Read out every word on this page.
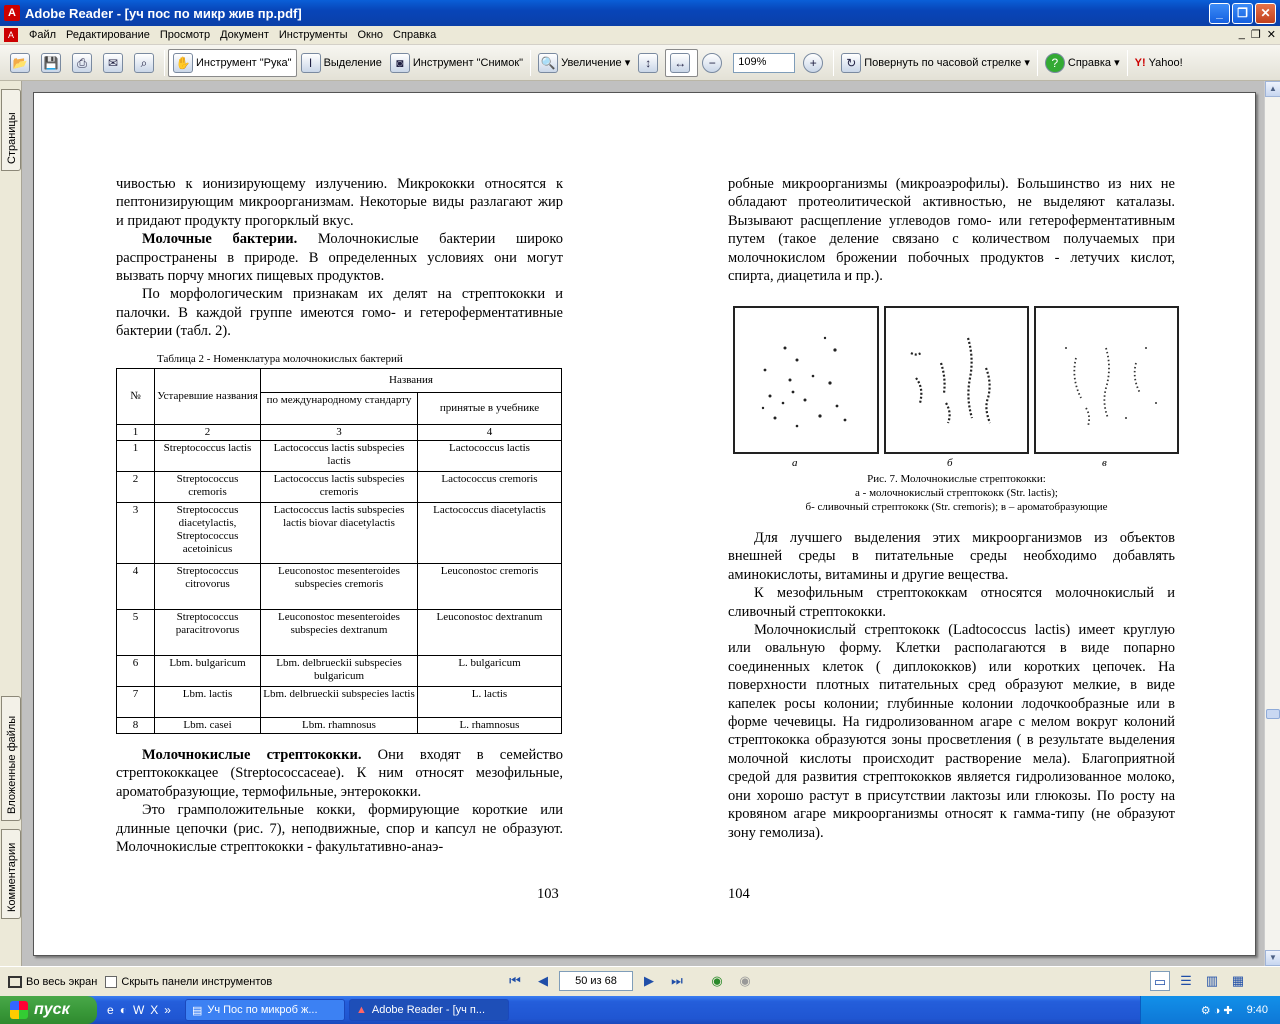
A Adobe Reader - [уч пос по микр жив пр.pdf]	_	❐	✕
A	Файл Редактирование Просмотр Документ Инструменты Окно Справка	_ ❐ ✕
📂 💾	⎙	✉	⌕	✋ Инструмент "Рука"	I	Выделение	◙ Инструмент "Снимок" 🔍 Увеличение
▾	↕	↔	−	109%	+	↻ Повернуть по часовой стрелке
▾	? Справка
▾ Y! Yahoo!
Страницы
Вложенные файлы
Комментарии

чивостью к ионизирующему излучению. Микрококки относятся к пептонизирующим микроорганизмам. Некоторые виды разлагают жир и придают продукту прогорклый вкус.

Молочные бактерии. Молочнокислые бактерии широко распространены в природе. В определенных условиях они могут вызвать порчу многих пищевых продуктов.

По морфологическим признакам их делят на стрептококки и палочки. В каждой группе имеются гомо- и гетероферментативные бактерии (табл. 2).

Таблица 2 - Номенклатура молочнокислых бактерий
№	Устаревшие названия	Названия	
		по международному стандарту	принятые в учебнике
1	2	3	4
1	Streptococcus lactis	Lactococcus lactis subspecies lactis	Lactococcus lactis
2	Streptococcus cremoris	Lactococcus lactis subspecies cremoris	Lactococcus cremoris
3	Streptococcus diacetylactis, Streptococcus acetoinicus	Lactococcus lactis subspecies lactis biovar diacetylactis	Lactococcus diacetylactis
4	Streptococcus citrovorus	Leuconostoc mesenteroides subspecies cremoris	Leuconostoc cremoris
5	Streptococcus paracitrovorus	Leuconostoc mesenteroides subspecies dextranum	Leuconostoc dextranum
6	Lbm. bulgaricum	Lbm. delbrueckii subspecies bulgaricum	L. bulgaricum
7	Lbm. lactis	Lbm. delbrueckii subspecies lactis	L. lactis
8	Lbm. casei	Lbm. rhamnosus	L. rhamnosus

Молочнокислые стрептококки. Они входят в семейство стрептококкацее (Streptococcaceae). К ним относят мезофильные, ароматобразующие, термофильные, энтерококки.

Это грамположительные кокки, формирующие короткие или длинные цепочки (рис. 7), неподвижные, спор и капсул не образуют. Молочнокислые стрептококки - факультативно-анаэ-

103

робные микроорганизмы (микроаэрофилы). Большинство из них не обладают протеолитической активностью, не выделяют каталазы. Вызывают расщепление углеводов гомо- или гетероферментативным путем (такое деление связано с количеством получаемых при молочнокислом брожении побочных продуктов - летучих кислот, спирта, диацетила и пр.).

а	б	в
Рис. 7. Молочнокислые стрептококки:
а - молочнокислый стрептококк (Str. lactis);
б- сливочный стрептококк (Str. cremoris); в – ароматобразующие

Для лучшего выделения этих микроорганизмов из объектов внешней среды в питательные среды необходимо добавлять аминокислоты, витамины и другие вещества.

К мезофильным стрептококкам относятся молочнокислый и сливочный стрептококки.

Молочнокислый стрептококк (Ladtococcus lactis) имеет круглую или овальную форму. Клетки располагаются в виде попарно соединенных клеток ( диплококков) или коротких цепочек. На поверхности плотных питательных сред образуют мелкие, в виде капелек росы колонии; глубинные колонии лодочкообразные или в форме чечевицы. На гидролизованном агаре с мелом вокруг колоний стрептококка образуются зоны просветления ( в результате выделения молочной кислоты происходит растворение мела). Благоприятной средой для развития стрептококков является гидролизованное молоко, они хорошо растут в присутствии лактозы или глюкозы. По росту на кровяном агаре микроорганизмы относят к гамма-типу (не образуют зону гемолиза).

104
▲
▼
Во весь экран Скрыть панели инструментов	⏮	◀	50 из 68	▶	⏭	◉	◉	▭	☰	▥ ▦
пуск	e ◐ W X » ▤ Уч Пос по микроб ж...	▲ Adobe Reader - [уч п...	⚙ ◑ ✚ 9:40
